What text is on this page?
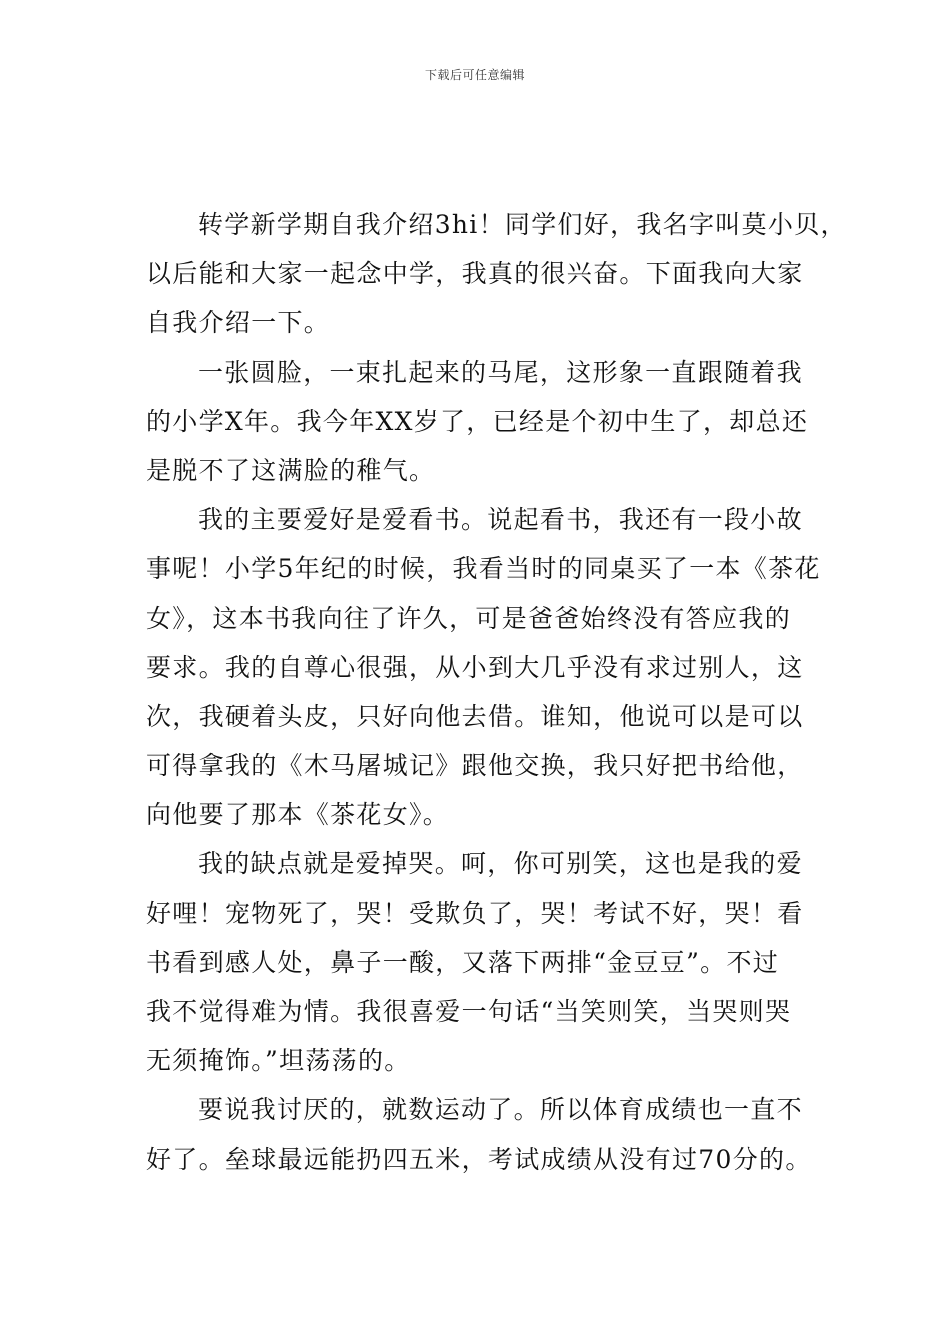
下载后可任意编辑
转学新学期自我介绍3hi！同学们好，我名字叫莫小贝，
以后能和大家一起念中学，我真的很兴奋。下面我向大家
自我介绍一下。
一张圆脸，一束扎起来的马尾，这形象一直跟随着我
的小学X年。我今年XX岁了，已经是个初中生了，却总还
是脱不了这满脸的稚气。
我的主要爱好是爱看书。说起看书，我还有一段小故
事呢！小学5年纪的时候，我看当时的同桌买了一本《茶花
女》，这本书我向往了许久，可是爸爸始终没有答应我的
要求。我的自尊心很强，从小到大几乎没有求过别人，这
次，我硬着头皮，只好向他去借。谁知，他说可以是可以
可得拿我的《木马屠城记》跟他交换，我只好把书给他，
向他要了那本《茶花女》。
我的缺点就是爱掉哭。呵，你可别笑，这也是我的爱
好哩！宠物死了，哭！受欺负了，哭！考试不好，哭！看
书看到感人处，鼻子一酸，又落下两排“金豆豆”。不过
我不觉得难为情。我很喜爱一句话“当笑则笑，当哭则哭
无须掩饰。”坦荡荡的。
要说我讨厌的，就数运动了。所以体育成绩也一直不
好了。垒球最远能扔四五米，考试成绩从没有过70分的。
